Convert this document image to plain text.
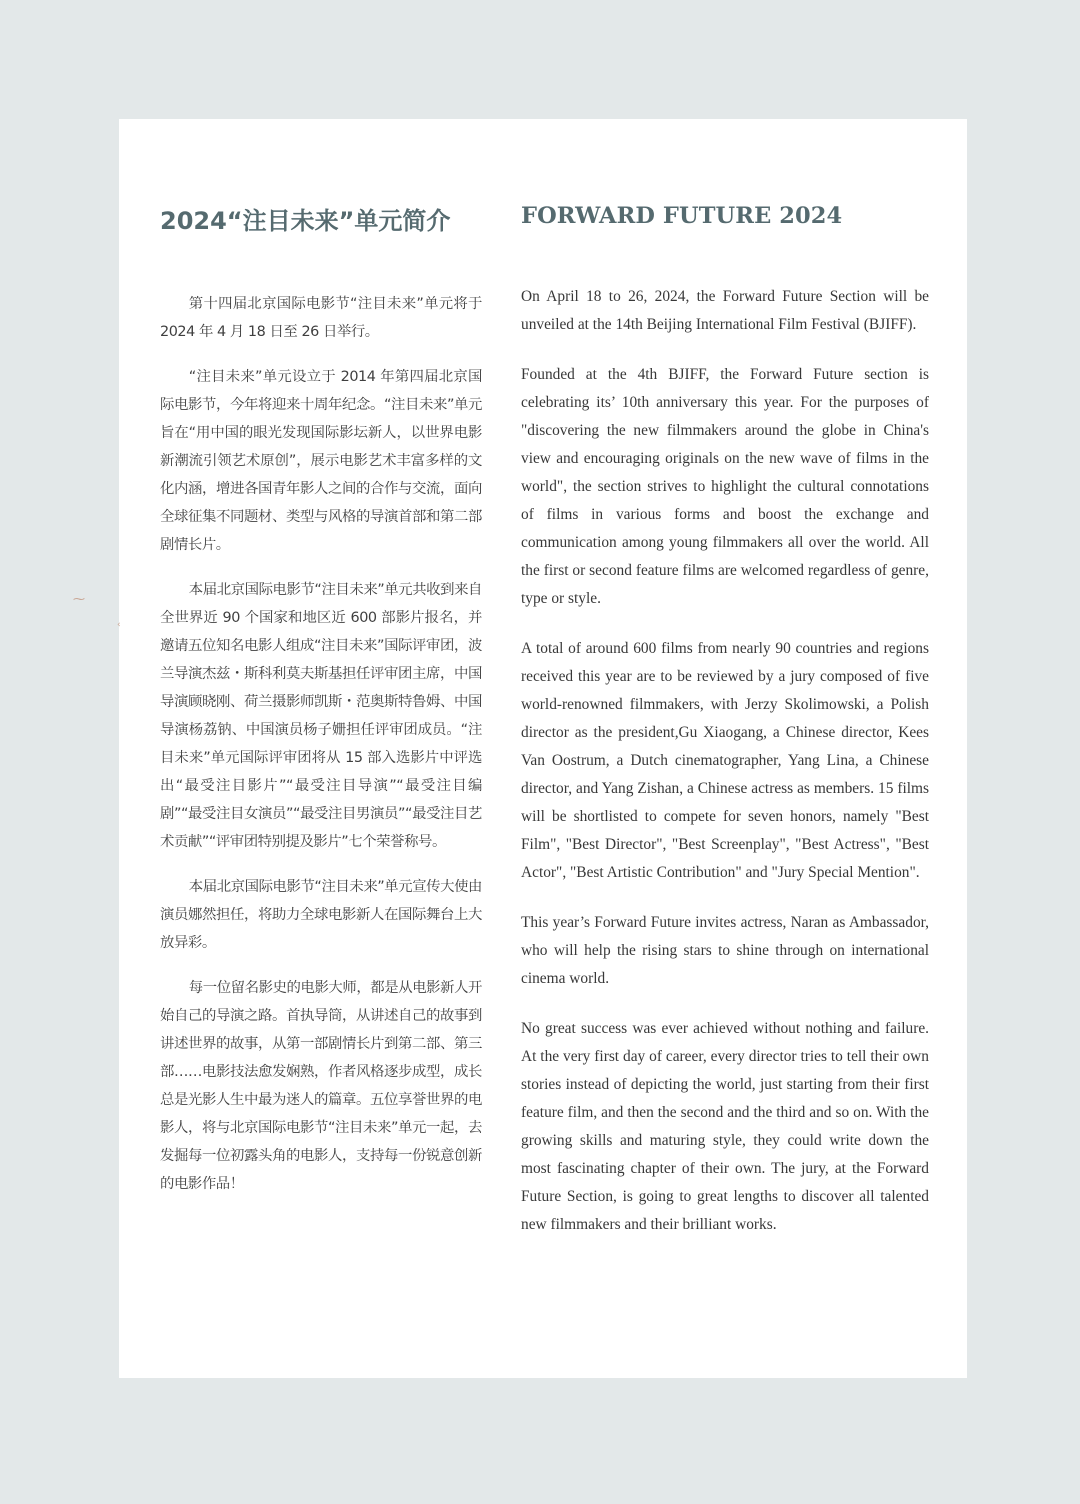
⁓
‹
2024“注目未来”单元简介

第十四届北京国际电影节“注目未来”单元将于 2024 年 4 月 18 日至 26 日举行。

“注目未来”单元设立于 2014 年第四届北京国际电影节，今年将迎来十周年纪念。“注目未来”单元旨在“用中国的眼光发现国际影坛新人，以世界电影新潮流引领艺术原创”，展示电影艺术丰富多样的文化内涵，增进各国青年影人之间的合作与交流，面向全球征集不同题材、类型与风格的导演首部和第二部剧情长片。

本届北京国际电影节“注目未来”单元共收到来自全世界近 90 个国家和地区近 600 部影片报名，并邀请五位知名电影人组成“注目未来”国际评审团，波兰导演杰兹・斯科利莫夫斯基担任评审团主席，中国导演顾晓刚、荷兰摄影师凯斯・范奥斯特鲁姆、中国导演杨荔钠、中国演员杨子姗担任评审团成员。“注目未来”单元国际评审团将从 15 部入选影片中评选出“最受注目影片”“最受注目导演”“最受注目编剧”“最受注目女演员”“最受注目男演员”“最受注目艺术贡献”“评审团特别提及影片”七个荣誉称号。

本届北京国际电影节“注目未来”单元宣传大使由演员娜然担任，将助力全球电影新人在国际舞台上大放异彩。

每一位留名影史的电影大师，都是从电影新人开始自己的导演之路。首执导筒，从讲述自己的故事到讲述世界的故事，从第一部剧情长片到第二部、第三部……电影技法愈发娴熟，作者风格逐步成型，成长总是光影人生中最为迷人的篇章。五位享誉世界的电影人，将与北京国际电影节“注目未来”单元一起，去发掘每一位初露头角的电影人，支持每一份锐意创新的电影作品！

FORWARD FUTURE 2024

On April 18 to 26, 2024, the Forward Future Section will be unveiled at the 14th Beijing International Film Festival (BJIFF).

Founded at the 4th BJIFF, the Forward Future section is celebrating its’ 10th anniversary this year. For the purposes of "discovering the new filmmakers around the globe in China's view and encouraging originals on the new wave of films in the world", the section strives to highlight the cultural connotations of films in various forms and boost the exchange and communication among young filmmakers all over the world. All the first or second feature films are welcomed regardless of genre, type or style.

A total of around 600 films from nearly 90 countries and regions received this year are to be reviewed by a jury composed of five world-renowned filmmakers, with Jerzy Skolimowski, a Polish director as the president,Gu Xiaogang, a Chinese director, Kees Van Oostrum, a Dutch cinematographer, Yang Lina, a Chinese director, and Yang Zishan, a Chinese actress as members. 15 films will be shortlisted to compete for seven honors, namely "Best Film", "Best Director", "Best Screenplay", "Best Actress", "Best Actor", "Best Artistic Contribution" and "Jury Special Mention".

This year’s Forward Future invites actress, Naran as Ambassador, who will help the rising stars to shine through on international cinema world.

No great success was ever achieved without nothing and failure. At the very first day of career, every director tries to tell their own stories instead of depicting the world, just starting from their first feature film, and then the second and the third and so on. With the growing skills and maturing style, they could write down the most fascinating chapter of their own. The jury, at the Forward Future Section, is going to great lengths to discover all talented new filmmakers and their brilliant works.
